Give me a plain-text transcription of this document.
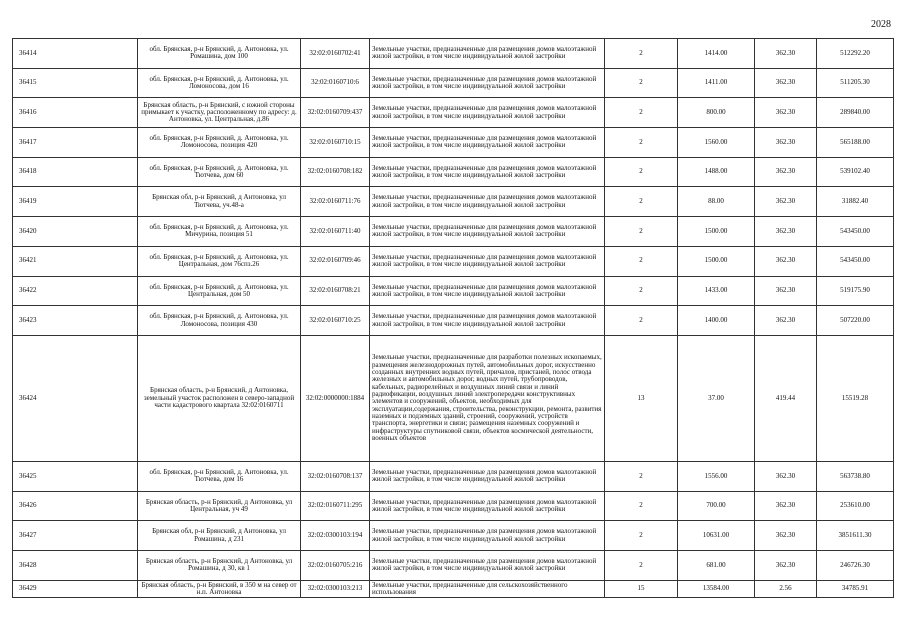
2028
36414	обл. Брянская, р-н Брянский, д. Антоновка, ул. Ромашина, дом 100	32:02:0160702:41	Земельные участки, предназначенные для размещения домов малоэтажной жилой застройки, в том числе индивидуальной жилой застройки	2	1414.00	362.30	512292.20
36415	обл. Брянская, р-н Брянский, д. Антоновка, ул. Ломоносова, дом 16	32:02:0160710:6	Земельные участки, предназначенные для размещения домов малоэтажной жилой застройки, в том числе индивидуальной жилой застройки	2	1411.00	362.30	511205.30
36416	Брянская область, р-н Брянский, с южной стороны примыкает к участку, расположенному по адресу: д. Антоновка, ул. Центральная, д.86	32:02:0160709:437	Земельные участки, предназначенные для размещения домов малоэтажной жилой застройки, в том числе индивидуальной жилой застройки	2	800.00	362.30	289840.00
36417	обл. Брянская, р-н Брянский, д. Антоновка, ул. Ломоносова, позиция 420	32:02:0160710:15	Земельные участки, предназначенные для размещения домов малоэтажной жилой застройки, в том числе индивидуальной жилой застройки	2	1560.00	362.30	565188.00
36418	обл. Брянская, р-н Брянский, д. Антоновка, ул. Тютчева, дом 60	32:02:0160708:182	Земельные участки, предназначенные для размещения домов малоэтажной жилой застройки, в том числе индивидуальной жилой застройки	2	1488.00	362.30	539102.40
36419	Брянская обл, р-н Брянский, д Антоновка, ул Тютчева, уч.48-а	32:02:0160711:76	Земельные участки, предназначенные для размещения домов малоэтажной жилой застройки, в том числе индивидуальной жилой застройки	2	88.00	362.30	31882.40
36420	обл. Брянская, р-н Брянский, д. Антоновка, ул. Мичурина, позиция 51	32:02:0160711:40	Земельные участки, предназначенные для размещения домов малоэтажной жилой застройки, в том числе индивидуальной жилой застройки	2	1500.00	362.30	543450.00
36421	обл. Брянская, р-н Брянский, д. Антоновка, ул. Центральная, дом 76спз.26	32:02:0160709:46	Земельные участки, предназначенные для размещения домов малоэтажной жилой застройки, в том числе индивидуальной жилой застройки	2	1500.00	362.30	543450.00
36422	обл. Брянская, р-н Брянский, д. Антоновка, ул. Центральная, дом 50	32:02:0160708:21	Земельные участки, предназначенные для размещения домов малоэтажной жилой застройки, в том числе индивидуальной жилой застройки	2	1433.00	362.30	519175.90
36423	обл. Брянская, р-н Брянский, д. Антоновка, ул. Ломоносова, позиция 430	32:02:0160710:25	Земельные участки, предназначенные для размещения домов малоэтажной жилой застройки, в том числе индивидуальной жилой застройки	2	1400.00	362.30	507220.00
36424	Брянская область, р-н Брянский, д Антоновка, земельный участок расположен в северо-западной части кадастрового квартала 32:02:0160711	32:02:0000000:1884	Земельные участки, предназначенные для разработки полезных ископаемых, размещения железнодорожных путей, автомобильных дорог, искусственно созданных внутренних водных путей, причалов, пристаней, полос отвода железных и автомобильных дорог, водных путей, трубопроводов, кабельных, радиорелейных и воздушных линий связи и линий радиофикации, воздушных линий электропередачи конструктивных элементов и сооружений, объектов, необходимых для эксплуатации,содержания, строительства, реконструкции, ремонта, развития наземных и подземных зданий, строений, сооружений, устройств транспорта, энергетики и связи; размещения наземных сооружений и инфраструктуры спутниковой связи, объектов космической деятельности, военных объектов	13	37.00	419.44	15519.28
36425	обл. Брянская, р-н Брянский, д. Антоновка, ул. Тютчева, дом 16	32:02:0160708:137	Земельные участки, предназначенные для размещения домов малоэтажной жилой застройки, в том числе индивидуальной жилой застройки	2	1556.00	362.30	563738.80
36426	Брянская область, р-н Брянский, д Антоновка, ул Центральная, уч 49	32:02:0160711:295	Земельные участки, предназначенные для размещения домов малоэтажной жилой застройки, в том числе индивидуальной жилой застройки	2	700.00	362.30	253610.00
36427	Брянская обл, р-н Брянский, д Антоновка, ул Ромашина, д 231	32:02:0300103:194	Земельные участки, предназначенные для размещения домов малоэтажной жилой застройки, в том числе индивидуальной жилой застройки	2	10631.00	362.30	3851611.30
36428	Брянская область, р-н Брянский, д Антоновка, ул Ромашина, д 30, кв 1	32:02:0160705:216	Земельные участки, предназначенные для размещения домов малоэтажной жилой застройки, в том числе индивидуальной жилой застройки	2	681.00	362.30	246726.30
36429	Брянская область, р-н Брянский, в 350 м на север от н.п. Антоновка	32:02:0300103:213	Земельные участки, предназначенные для сельскохозяйственного использования	15	13584.00	2.56	34785.91
